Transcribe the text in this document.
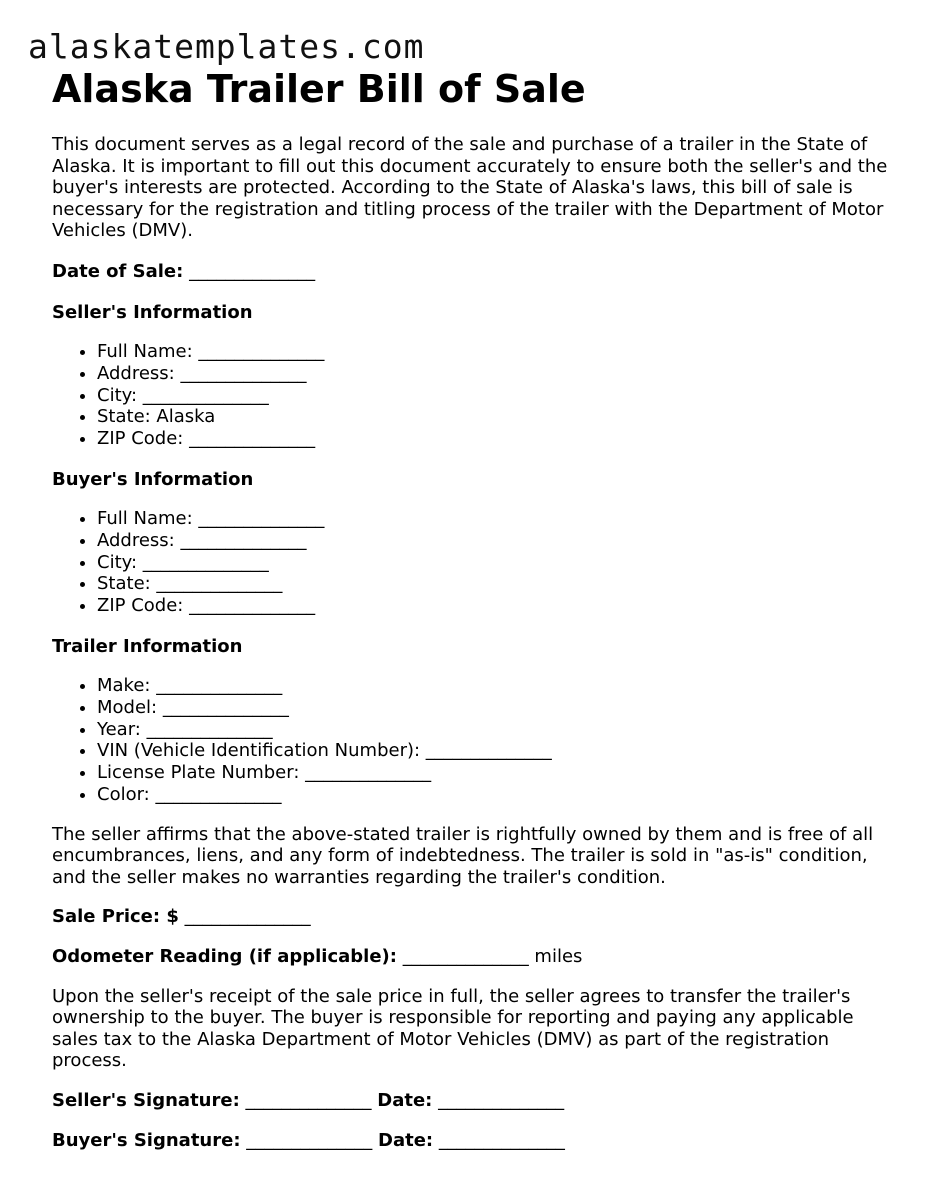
alaskatemplates.com
Alaska Trailer Bill of Sale

This document serves as a legal record of the sale and purchase of a trailer in the State of Alaska. It is important to fill out this document accurately to ensure both the seller's and the buyer's interests are protected. According to the State of Alaska's laws, this bill of sale is necessary for the registration and titling process of the trailer with the Department of Motor Vehicles (DMV).

Date of Sale: ______________

Seller's Information
• Full Name: ______________
• Address: ______________
• City: ______________
• State: Alaska
• ZIP Code: ______________
Buyer's Information
• Full Name: ______________
• Address: ______________
• City: ______________
• State: ______________
• ZIP Code: ______________
Trailer Information
• Make: ______________
• Model: ______________
• Year: ______________
• VIN (Vehicle Identification Number): ______________
• License Plate Number: ______________
• Color: ______________

The seller affirms that the above-stated trailer is rightfully owned by them and is free of all encumbrances, liens, and any form of indebtedness. The trailer is sold in "as-is" condition, and the seller makes no warranties regarding the trailer's condition.

Sale Price: $ ______________

Odometer Reading (if applicable): ______________ miles

Upon the seller's receipt of the sale price in full, the seller agrees to transfer the trailer's ownership to the buyer. The buyer is responsible for reporting and paying any applicable sales tax to the Alaska Department of Motor Vehicles (DMV) as part of the registration process.

Seller's Signature: ______________ Date: ______________

Buyer's Signature: ______________ Date: ______________
